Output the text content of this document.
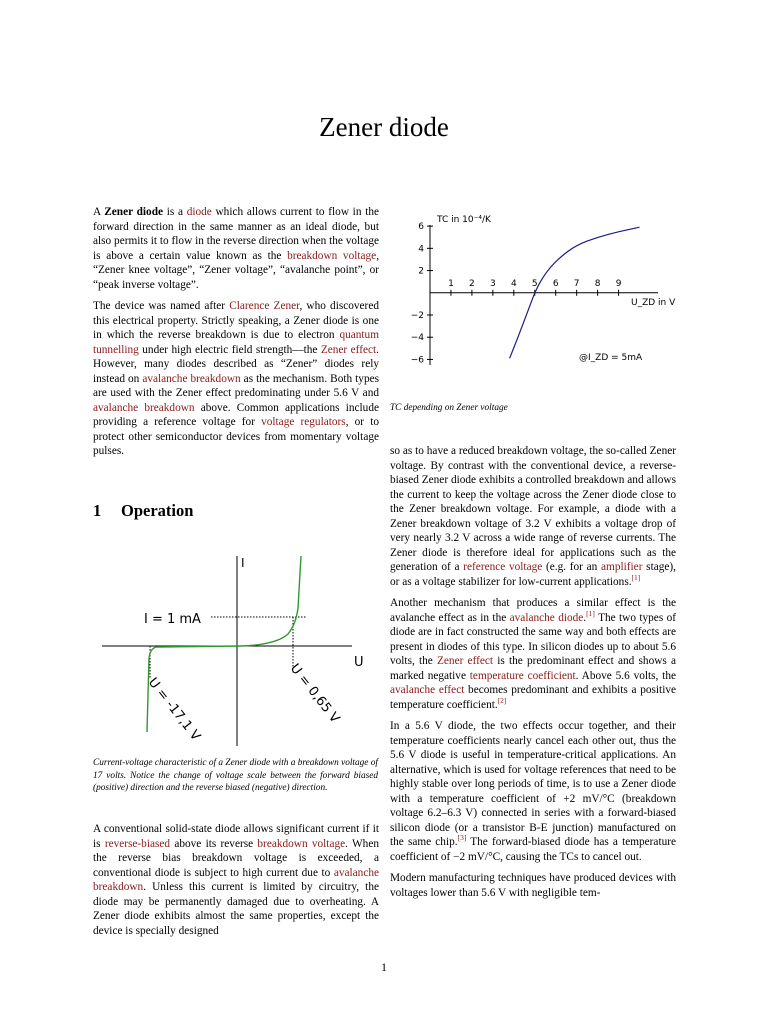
Zener diode

A Zener diode is a diode which allows current to flow in the forward direction in the same manner as an ideal diode, but also permits it to flow in the reverse direction when the voltage is above a certain value known as the breakdown voltage, “Zener knee voltage”, “Zener voltage”, “avalanche point”, or “peak inverse voltage”.

The device was named after Clarence Zener, who discovered this electrical property. Strictly speaking, a Zener diode is one in which the reverse breakdown is due to electron quantum tunnelling under high electric field strength—the Zener effect. However, many diodes described as “Zener” diodes rely instead on avalanche breakdown as the mechanism. Both types are used with the Zener effect predominating under 5.6 V and avalanche breakdown above. Common applications include providing a reference voltage for voltage regulators, or to protect other semiconductor devices from momentary voltage pulses.

1 Operation
I
U
I = 1 mA
U = 0,65 V
U = -17,1 V
Current-voltage characteristic of a Zener diode with a breakdown voltage of 17 volts. Notice the change of voltage scale between the forward biased (positive) direction and the reverse biased (negative) direction.

A conventional solid-state diode allows significant current if it is reverse-biased above its reverse breakdown voltage. When the reverse bias breakdown voltage is exceeded, a conventional diode is subject to high current due to avalanche breakdown. Unless this current is limited by circuitry, the diode may be permanently damaged due to overheating. A Zener diode exhibits almost the same properties, except the device is specially designed

1 2 3 4 5 6 7 8 9
−6
−4
−2
2
4
6
TC in 10⁻⁴/K
U_ZD in V
@I_ZD = 5mA
TC depending on Zener voltage

so as to have a reduced breakdown voltage, the so-called Zener voltage. By contrast with the conventional device, a reverse-biased Zener diode exhibits a controlled breakdown and allows the current to keep the voltage across the Zener diode close to the Zener breakdown voltage. For example, a diode with a Zener breakdown voltage of 3.2 V exhibits a voltage drop of very nearly 3.2 V across a wide range of reverse currents. The Zener diode is therefore ideal for applications such as the generation of a reference voltage (e.g. for an amplifier stage), or as a voltage stabilizer for low-current applications.[1]

Another mechanism that produces a similar effect is the avalanche effect as in the avalanche diode.[1] The two types of diode are in fact constructed the same way and both effects are present in diodes of this type. In silicon diodes up to about 5.6 volts, the Zener effect is the predominant effect and shows a marked negative temperature coefficient. Above 5.6 volts, the avalanche effect becomes predominant and exhibits a positive temperature coefficient.[2]

In a 5.6 V diode, the two effects occur together, and their temperature coefficients nearly cancel each other out, thus the 5.6 V diode is useful in temperature-critical applications. An alternative, which is used for voltage references that need to be highly stable over long periods of time, is to use a Zener diode with a temperature coefficient of +2 mV/°C (breakdown voltage 6.2–6.3 V) connected in series with a forward-biased silicon diode (or a transistor B-E junction) manufactured on the same chip.[3] The forward-biased diode has a temperature coefficient of −2 mV/°C, causing the TCs to cancel out.

Modern manufacturing techniques have produced devices with voltages lower than 5.6 V with negligible tem-

1
